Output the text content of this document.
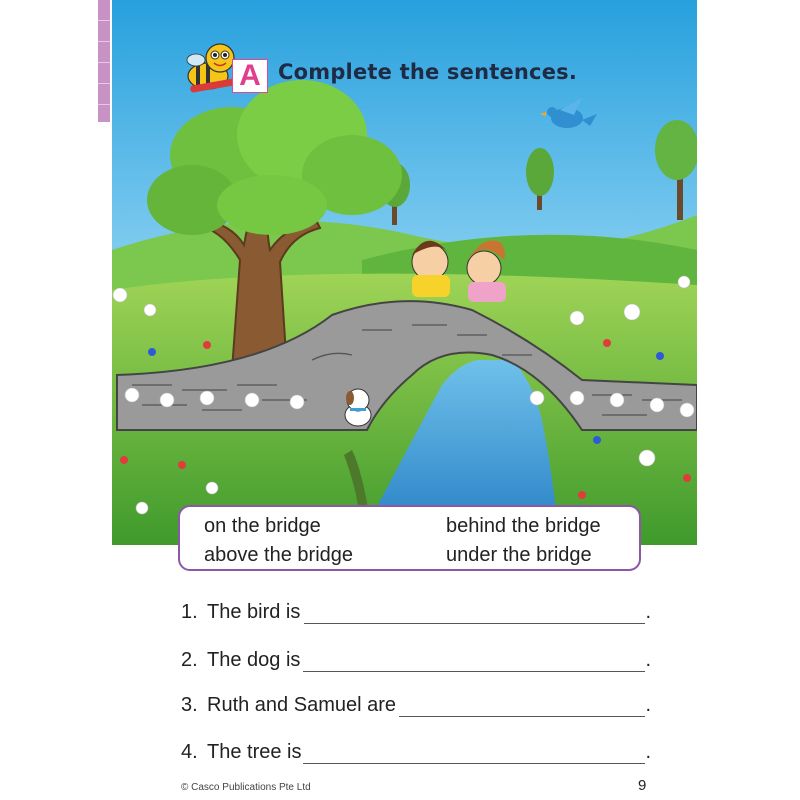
A Complete the sentences.
on the bridge	behind the bridge
above the bridge	under the bridge
1. The bird is	.
2. The dog is	.
3. Ruth and Samuel are	.
4. The tree is	.
© Casco Publications Pte Ltd	9
